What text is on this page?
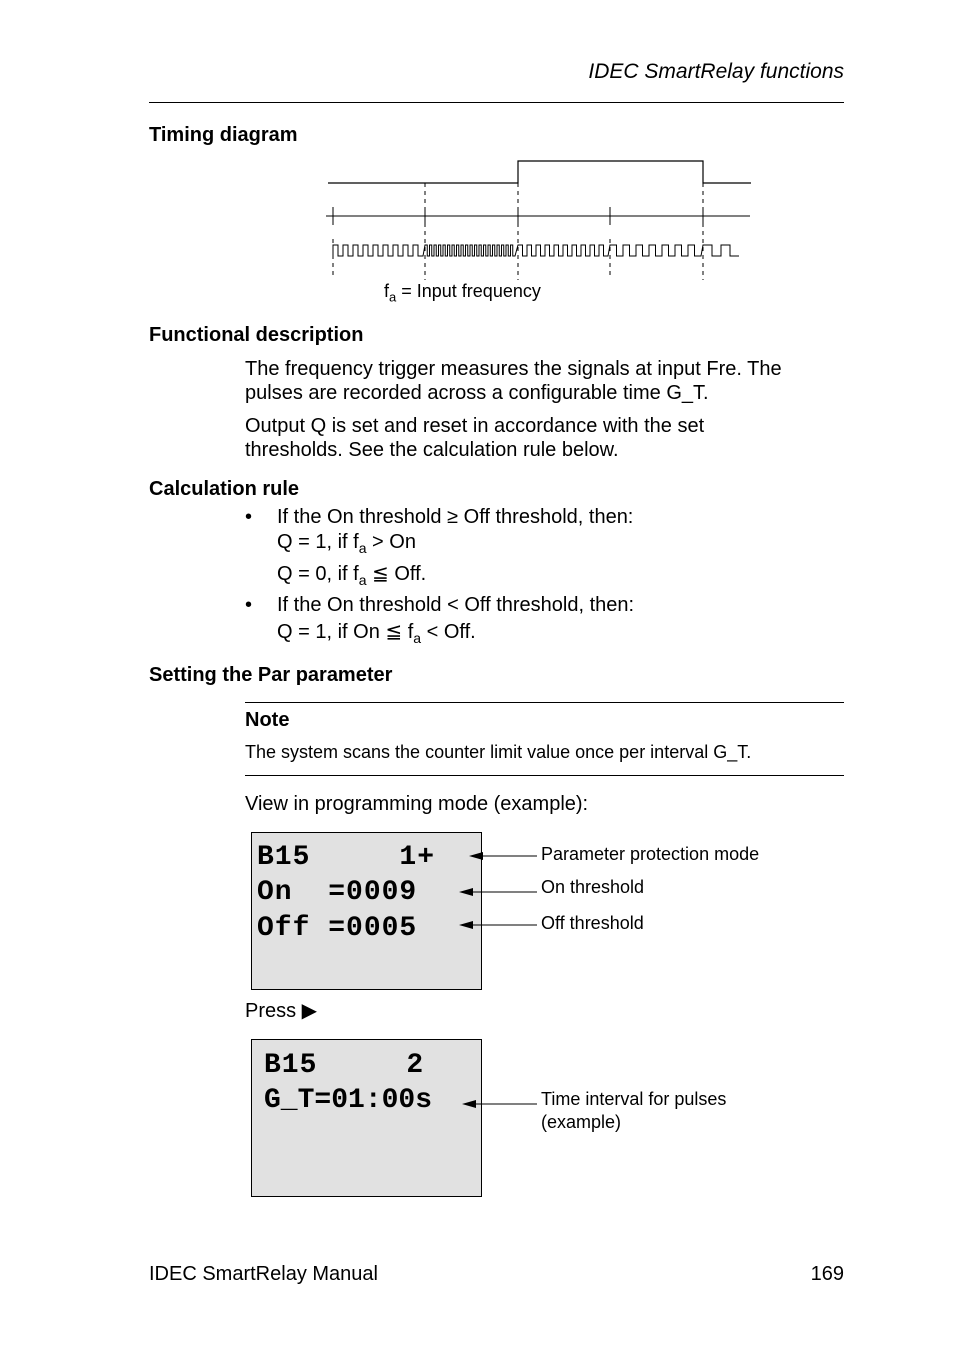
IDEC SmartRelay functions
Timing diagram
$f_a$ = Input frequency
Functional description
The frequency trigger measures the signals at input Fre. The
pulses are recorded across a configurable time G_T.
Output Q is set and reset in accordance with the set
thresholds. See the calculation rule below.
Calculation rule
• If the On threshold ≥ Off threshold, then:
Q = 1, if $f_a > On$
Q = 0, if $f_a$ ≦ Off.
• If the On threshold < Off threshold, then:
Q = 1, if On ≦ $f_a$ < Off.
Setting the Par parameter
Note
The system scans the counter limit value once per interval G_T.
View in programming mode (example):
B15     1+
On  =0009
Off =0005
Parameter protection mode
On threshold
Off threshold
Press ▶
B15     2
G_T=01:00s	Time interval for pulses
(example)
IDEC SmartRelay Manual	169
